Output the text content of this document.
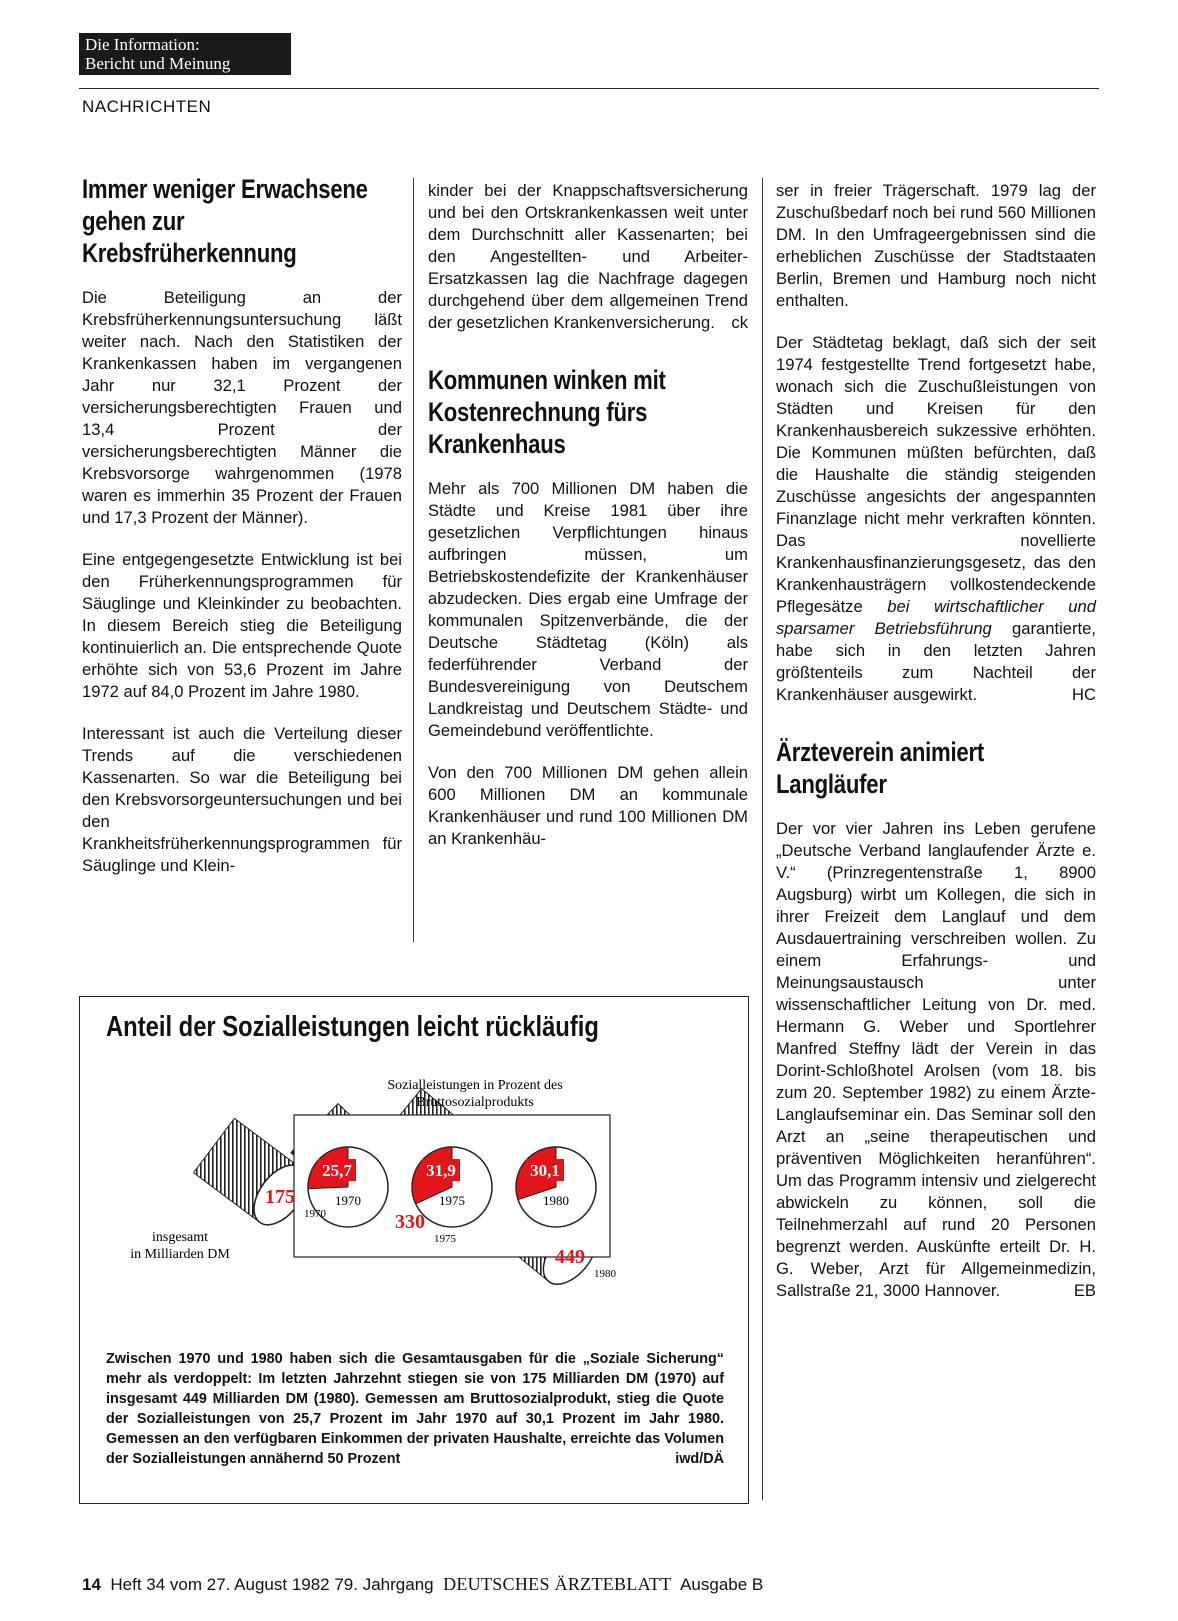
Die Information:
Bericht und Meinung
NACHRICHTEN
Immer weniger Erwachsene gehen zur Krebsfrüherkennung

Die Beteiligung an der Krebsfrüherkennungsuntersuchung läßt weiter nach. Nach den Statistiken der Krankenkassen haben im vergangenen Jahr nur 32,1 Prozent der versicherungsberechtigten Frauen und 13,4 Prozent der versicherungsberechtigten Männer die Krebsvorsorge wahrgenommen (1978 waren es immerhin 35 Prozent der Frauen und 17,3 Prozent der Männer).

Eine entgegengesetzte Entwicklung ist bei den Früherkennungsprogrammen für Säuglinge und Kleinkinder zu beobachten. In diesem Bereich stieg die Beteiligung kontinuierlich an. Die entsprechende Quote erhöhte sich von 53,6 Prozent im Jahre 1972 auf 84,0 Prozent im Jahre 1980.

Interessant ist auch die Verteilung dieser Trends auf die verschiedenen Kassenarten. So war die Beteiligung bei den Krebsvorsorgeuntersuchungen und bei den Krankheitsfrüherkennungsprogrammen für Säuglinge und Klein-

kinder bei der Knappschaftsversicherung und bei den Ortskrankenkassen weit unter dem Durchschnitt aller Kassenarten; bei den Angestellten- und Arbeiter-Ersatzkassen lag die Nachfrage dagegen durchgehend über dem allgemeinen Trend der gesetzlichen Krankenversicherung. ck

Kommunen winken mit Kostenrechnung fürs Krankenhaus

Mehr als 700 Millionen DM haben die Städte und Kreise 1981 über ihre gesetzlichen Verpflichtungen hinaus aufbringen müssen, um Betriebskostendefizite der Krankenhäuser abzudecken. Dies ergab eine Umfrage der kommunalen Spitzenverbände, die der Deutsche Städtetag (Köln) als federführender Verband der Bundesvereinigung von Deutschem Landkreistag und Deutschem Städte- und Gemeindebund veröffentlichte.

Von den 700 Millionen DM gehen allein 600 Millionen DM an kommunale Krankenhäuser und rund 100 Millionen DM an Krankenhäu-

ser in freier Trägerschaft. 1979 lag der Zuschußbedarf noch bei rund 560 Millionen DM. In den Umfrageergebnissen sind die erheblichen Zuschüsse der Stadtstaaten Berlin, Bremen und Hamburg noch nicht enthalten.

Der Städtetag beklagt, daß sich der seit 1974 festgestellte Trend fortgesetzt habe, wonach sich die Zuschußleistungen von Städten und Kreisen für den Krankenhausbereich sukzessive erhöhten. Die Kommunen müßten befürchten, daß die Haushalte die ständig steigenden Zuschüsse angesichts der angespannten Finanzlage nicht mehr verkraften könnten. Das novellierte Krankenhausfinanzierungsgesetz, das den Krankenhausträgern vollkostendeckende Pflegesätze bei wirtschaftlicher und sparsamer Betriebsführung garantierte, habe sich in den letzten Jahren größtenteils zum Nachteil der Krankenhäuser ausgewirkt.	HC

Ärzteverein animiert Langläufer

Der vor vier Jahren ins Leben gerufene „Deutsche Verband langlaufender Ärzte e. V.“ (Prinzregentenstraße 1, 8900 Augsburg) wirbt um Kollegen, die sich in ihrer Freizeit dem Langlauf und dem Ausdauertraining verschreiben wollen. Zu einem Erfahrungs- und Meinungsaustausch unter wissenschaftlicher Leitung von Dr. med. Hermann G. Weber und Sportlehrer Manfred Steffny lädt der Verein in das Dorint-Schloßhotel Arolsen (vom 18. bis zum 20. September 1982) zu einem Ärzte-Langlaufseminar ein. Das Seminar soll den Arzt an „seine therapeutischen und präventiven Möglichkeiten heranführen“. Um das Programm intensiv und zielgerecht abwickeln zu können, soll die Teilnehmerzahl auf rund 20 Personen begrenzt werden. Auskünfte erteilt Dr. H. G. Weber, Arzt für Allgemeinmedizin, Sallstraße 21, 3000 Hannover.	EB

Anteil der Sozialleistungen leicht rückläufig
Sozialleistungen in Prozent des
Bruttosozialprodukts
25,7
1970
31,9
1975
30,1
1980
insgesamt
in Milliarden DM
175
1970	330
1975
449
1980
Zwischen 1970 und 1980 haben sich die Gesamtausgaben für die „Soziale Sicherung“ mehr als verdoppelt: Im letzten Jahrzehnt stiegen sie von 175 Milliarden DM (1970) auf insgesamt 449 Milliarden DM (1980). Gemessen am Bruttosozialprodukt, stieg die Quote der Sozialleistungen von 25,7 Prozent im Jahr 1970 auf 30,1 Prozent im Jahr 1980. Gemessen an den verfügbaren Einkommen der privaten Haushalte, erreichte das Volumen der Sozialleistungen annähernd 50 Prozent	iwd/DÄ
14 Heft 34 vom 27. August 1982 79. Jahrgang DEUTSCHES ÄRZTEBLATT Ausgabe B
